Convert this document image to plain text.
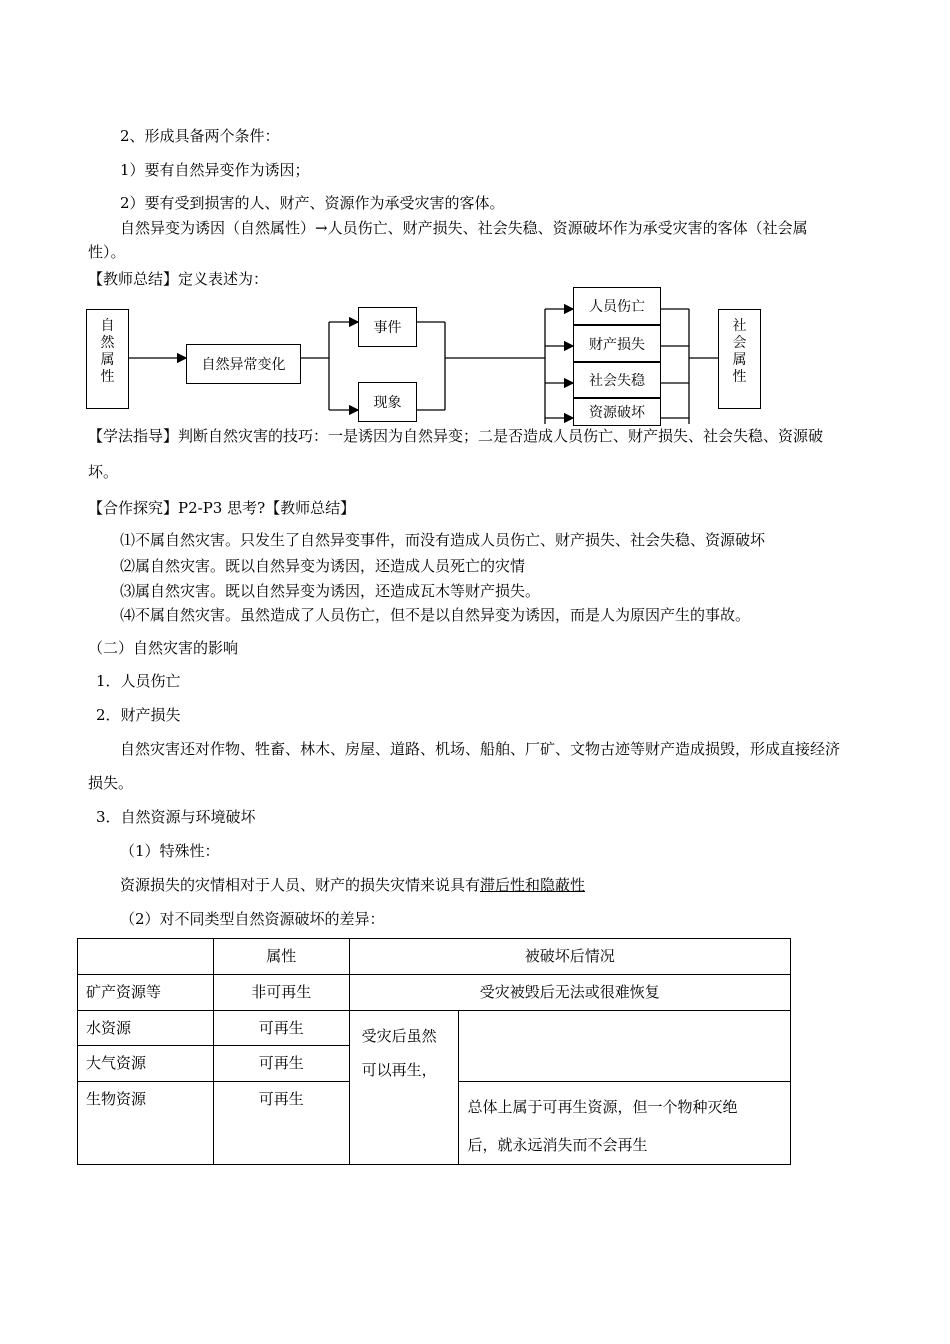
2、形成具备两个条件：
1）要有自然异变作为诱因；
2）要有受到损害的人、财产、资源作为承受灾害的客体。
自然异变为诱因（自然属性）→人员伤亡、财产损失、社会失稳、资源破坏作为承受灾害的客体（社会属
性）。
【教师总结】定义表述为：
自
然
属
性
自然异常变化
事件
现象
人员伤亡
财产损失
社会失稳
资源破坏
社
会
属
性
【学法指导】判断自然灾害的技巧：一是诱因为自然异变；二是否造成人员伤亡、财产损失、社会失稳、资源破
坏。
【合作探究】P2-P3 思考?【教师总结】
⑴不属自然灾害。只发生了自然异变事件，而没有造成人员伤亡、财产损失、社会失稳、资源破坏
⑵属自然灾害。既以自然异变为诱因，还造成人员死亡的灾情
⑶属自然灾害。既以自然异变为诱因，还造成瓦木等财产损失。
⑷不属自然灾害。虽然造成了人员伤亡，但不是以自然异变为诱因，而是人为原因产生的事故。
（二）自然灾害的影响
1．人员伤亡
2．财产损失
自然灾害还对作物、牲畜、林木、房屋、道路、机场、船舶、厂矿、文物古迹等财产造成损毁，形成直接经济
损失。
3．自然资源与环境破坏
（1）特殊性：
资源损失的灾情相对于人员、财产的损失灾情来说具有滞后性和隐蔽性
（2）对不同类型自然资源破坏的差异：
	属性	被破坏后情况	
矿产资源等	非可再生	受灾被毁后无法或很难恢复	
水资源	可再生	受灾后虽然
可以再生，	

大气资源	可再生		
生物资源	可再生		总体上属于可再生资源，但一个物种灭绝
后，就永远消失而不会再生
